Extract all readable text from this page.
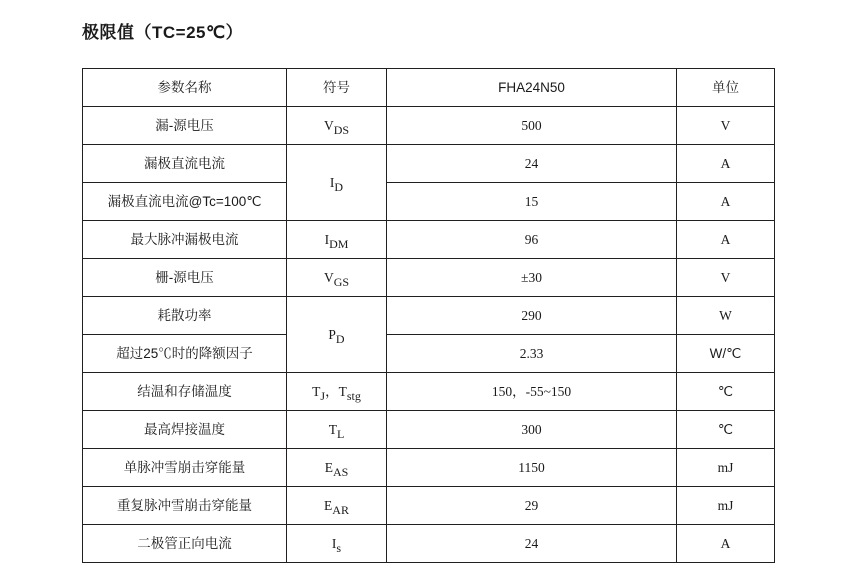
极限值（TC=25℃）
参数名称	符号	FHA24N50	单位
漏-源电压	$V_{DS}$	500	V
漏极直流电流	$I_D$	24	A
漏极直流电流@Tc=100℃		15	A
最大脉冲漏极电流	$I_{DM}$	96	A
栅-源电压	$V_{GS}$	±30	V
耗散功率	$P_D$	290	W
超过25℃时的降额因子		2.33	W/℃
结温和存储温度	$T_J$，$T_{stg}$	150，-55~150	℃
最高焊接温度	$T_L$	300	℃
单脉冲雪崩击穿能量	$E_{AS}$	1150	mJ
重复脉冲雪崩击穿能量	$E_{AR}$	29	mJ
二极管正向电流	$I_s$	24	A
